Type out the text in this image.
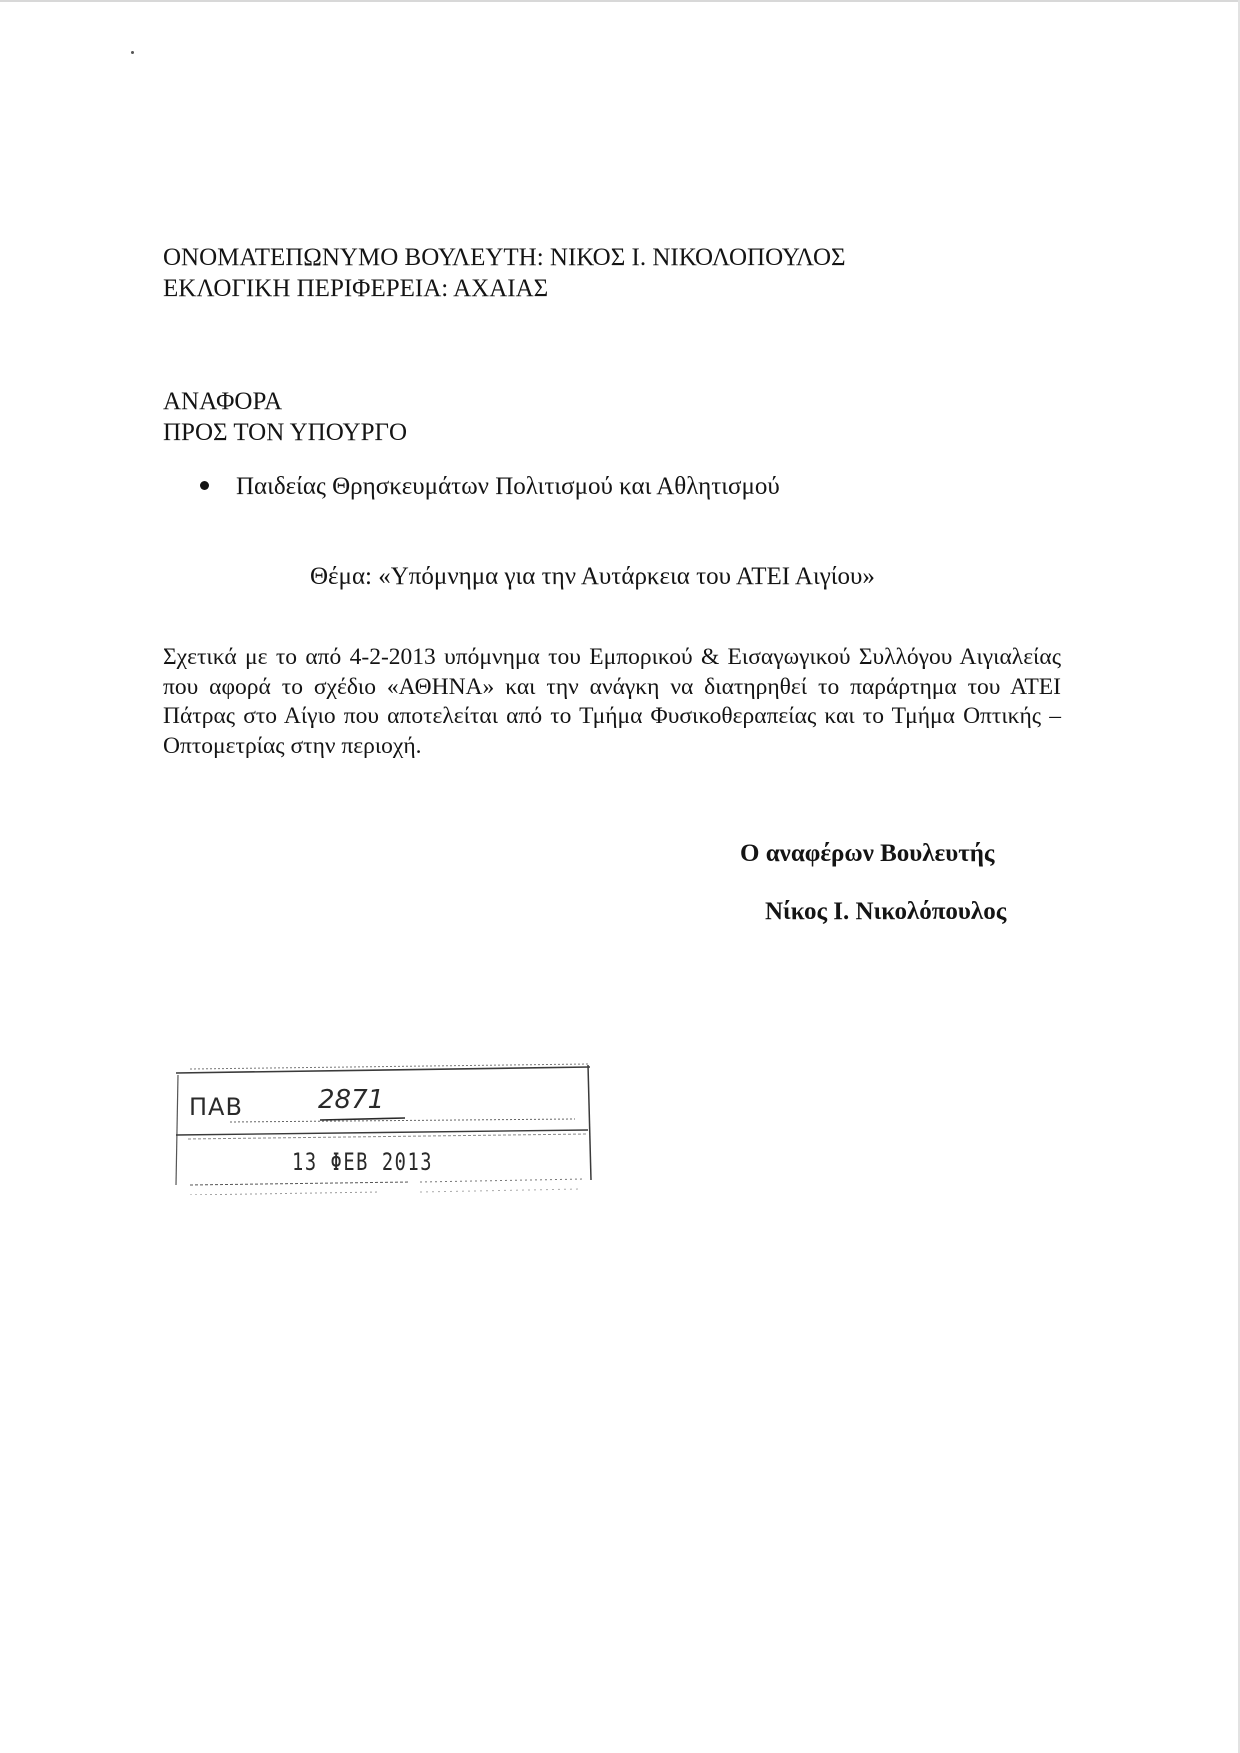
ΟΝΟΜΑΤΕΠΩΝΥΜΟ ΒΟΥΛΕΥΤΗ: ΝΙΚΟΣ Ι. ΝΙΚΟΛΟΠΟΥΛΟΣ
ΕΚΛΟΓΙΚΗ ΠΕΡΙΦΕΡΕΙΑ: ΑΧΑΙΑΣ
ΑΝΑΦΟΡΑ
ΠΡΟΣ ΤΟΝ ΥΠΟΥΡΓΟ
Παιδείας Θρησκευμάτων Πολιτισμού και Αθλητισμού
Θέμα: «Υπόμνημα για την Αυτάρκεια του ΑΤΕΙ Αιγίου»
Σχετικά με το από 4-2-2013 υπόμνημα του Εμπορικού & Εισαγωγικού Συλλόγου Αιγιαλείας που αφορά το σχέδιο «ΑΘΗΝΑ» και την ανάγκη να διατηρηθεί το παράρτημα του ΑΤΕΙ Πάτρας στο Αίγιο που αποτελείται από το Τμήμα Φυσικοθεραπείας και το Τμήμα Οπτικής – Οπτομετρίας στην περιοχή.
Ο αναφέρων Βουλευτής
Νίκος Ι. Νικολόπουλος
ΠΑΒ	2871
13 ΦΕΒ 2013
